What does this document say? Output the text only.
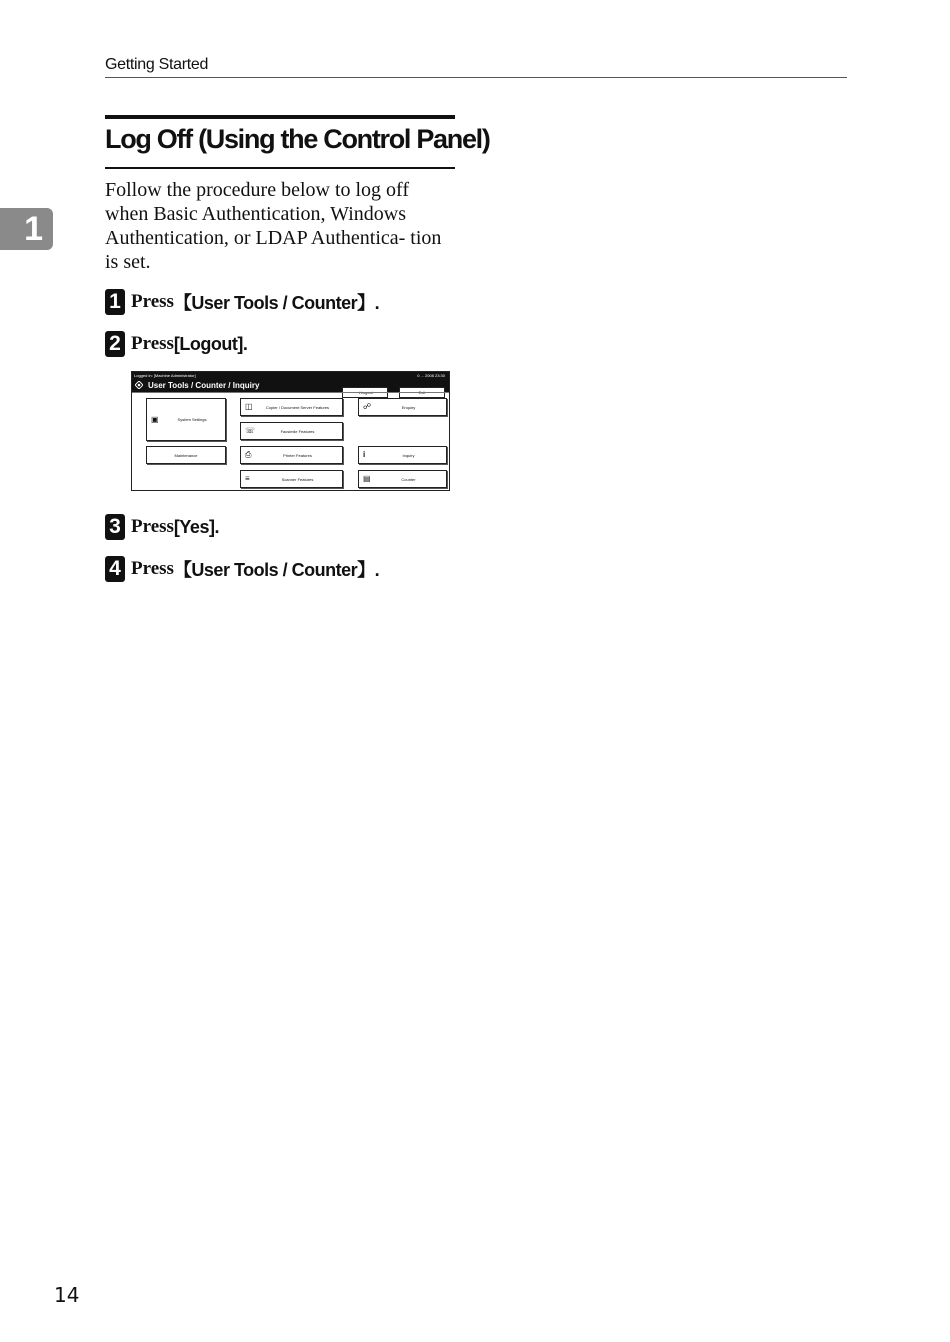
Getting Started
1
Log Off (Using the Control Panel)

Follow the procedure below to log off when Basic Authentication, Windows Authentication, or LDAP Authentica- tion is set.

1 Press 【User Tools / Counter】.
2 Press [Logout].
Logged in: [Machine Administrator]	0 ... 2008 23:30
User Tools / Counter / Inquiry
➜ Logout	Exit
▣	System Settings
Maintenance
◫	Copier / Document Server Features
☏	Facsimile Features
⎙	Printer Features
≡	Scanner Features
☍	Enquiry
i	Inquiry
▤	Counter
3 Press [Yes].
4 Press 【User Tools / Counter】.
14
